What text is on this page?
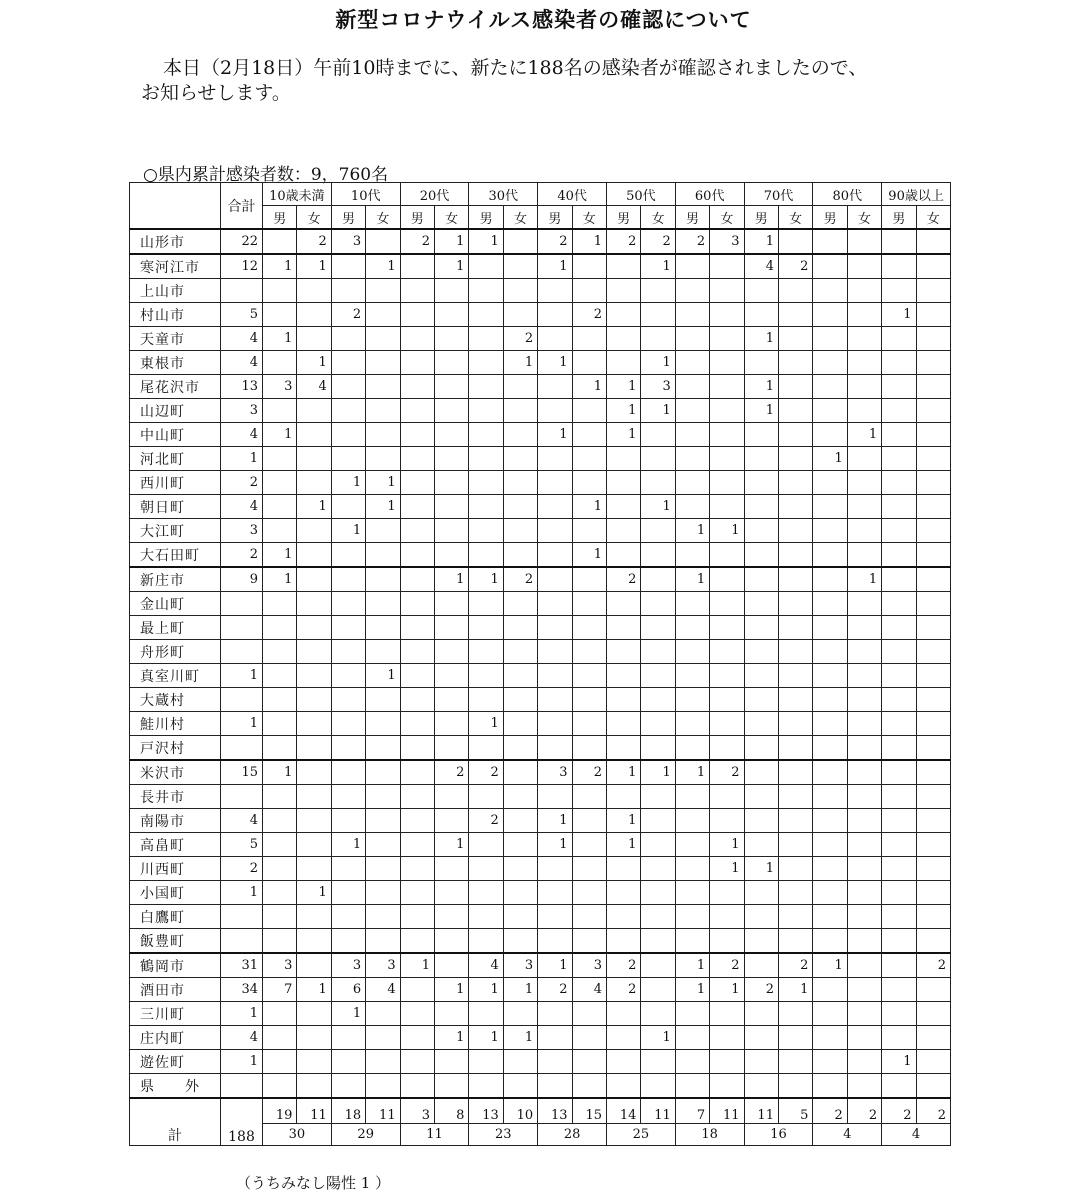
新型コロナウイルス感染者の確認について
本日（2月18日）午前10時までに、新たに188名の感染者が確認されましたので、
お知らせします。
○県内累計感染者数：9，760名
	合計	10歳未満		10代		20代		30代		40代		50代		60代		70代		80代		90歳以上	
		男	女	男	女	男	女	男	女	男	女	男	女	男	女	男	女	男	女	男	女
山形市	22		2	3		2	1	1		2	1	2	2	2	3	1					
寒河江市	12	1	1		1		1			1			1			4	2				
上山市																					
村山市	5			2							2									1	
天童市	4	1							2							1					
東根市	4		1						1	1			1								
尾花沢市	13	3	4								1	1	3			1					
山辺町	3											1	1			1					
中山町	4	1								1		1							1		
河北町	1																	1			
西川町	2			1	1																
朝日町	4		1		1						1		1								
大江町	3			1										1	1						
大石田町	2	1									1										
新庄市	9	1					1	1	2			2		1					1		
金山町																					
最上町																					
舟形町																					
真室川町	1				1																
大蔵村																					
鮭川村	1							1													
戸沢村																					
米沢市	15	1					2	2		3	2	1	1	1	2						
長井市																					
南陽市	4							2		1		1									
高畠町	5			1			1			1		1			1						
川西町	2														1	1					
小国町	1		1																		
白鷹町																					
飯豊町																					
鶴岡市	31	3		3	3	1		4	3	1	3	2		1	2		2	1			2
酒田市	34	7	1	6	4		1	1	1	2	4	2		1	1	2	1				
三川町	1			1																	
庄内町	4						1	1	1				1								
遊佐町	1																			1	
県　　外																					
計	188	19	11	18	11	3	8	13	10	13	15	14	11	7	11	11	5	2	2	2	2
		30		29		11		23		28		25		18		16		4		4	
（うちみなし陽性 1 ）
